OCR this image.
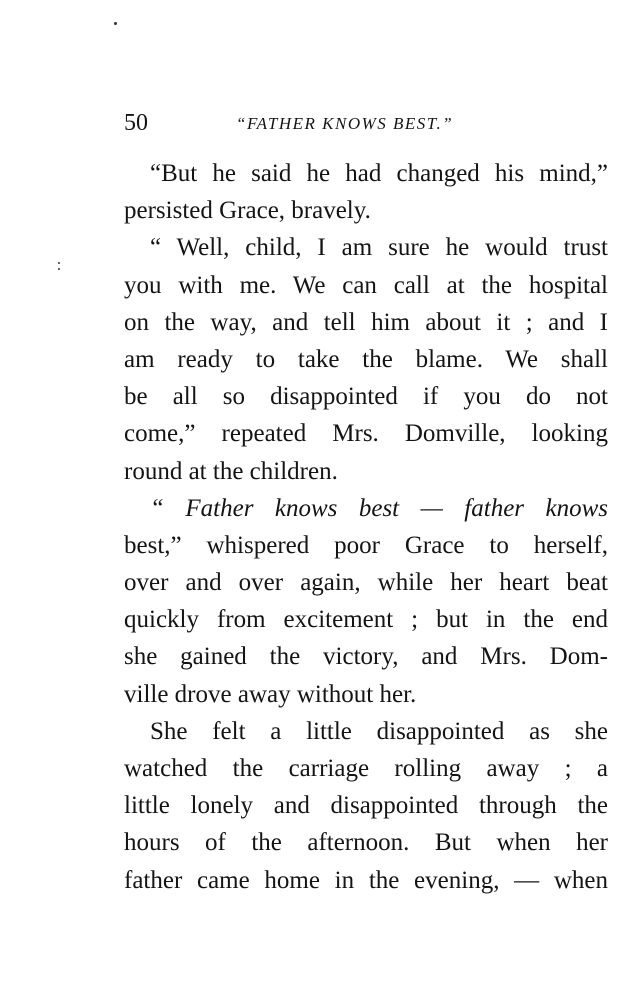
50	“FATHER KNOWS BEST.”
“But he said he had changed his mind,”
persisted Grace, bravely.
“ Well, child, I am sure he would trust
you with me. We can call at the hospital
on the way, and tell him about it ; and I
am ready to take the blame. We shall
be all so disappointed if you do not
come,” repeated Mrs. Domville, looking
round at the children.
“ Father knows best — father knows
best,” whispered poor Grace to herself,
over and over again, while her heart beat
quickly from excitement ; but in the end
she gained the victory, and Mrs. Dom-
ville drove away without her.
She felt a little disappointed as she
watched the carriage rolling away ; a
little lonely and disappointed through the
hours of the afternoon. But when her
father came home in the evening, — when
